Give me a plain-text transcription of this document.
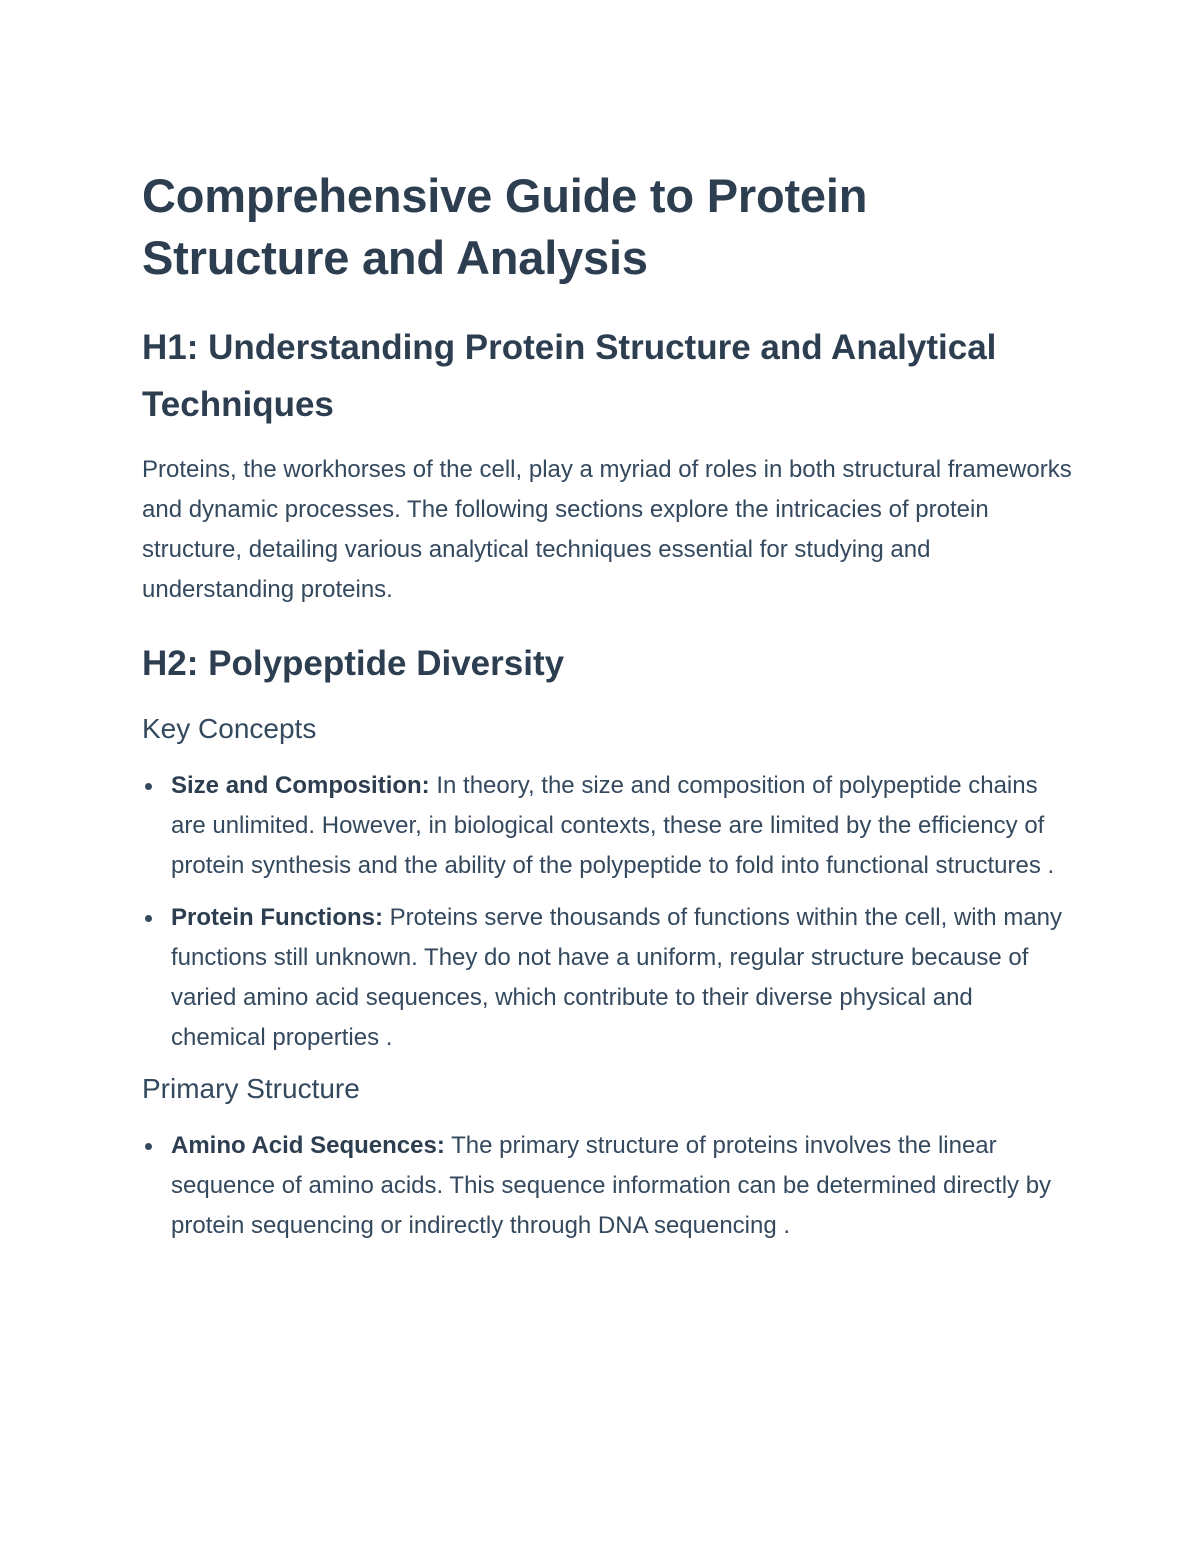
Comprehensive Guide to Protein Structure and Analysis
H1: Understanding Protein Structure and Analytical Techniques

Proteins, the workhorses of the cell, play a myriad of roles in both structural frameworks and dynamic processes. The following sections explore the intricacies of protein structure, detailing various analytical techniques essential for studying and understanding proteins.

H2: Polypeptide Diversity
Key Concepts
Size and Composition: In theory, the size and composition of polypeptide chains are unlimited. However, in biological contexts, these are limited by the efficiency of protein synthesis and the ability of the polypeptide to fold into functional structures .
Protein Functions: Proteins serve thousands of functions within the cell, with many functions still unknown. They do not have a uniform, regular structure because of varied amino acid sequences, which contribute to their diverse physical and chemical properties .
Primary Structure
Amino Acid Sequences: The primary structure of proteins involves the linear sequence of amino acids. This sequence information can be determined directly by protein sequencing or indirectly through DNA sequencing .
